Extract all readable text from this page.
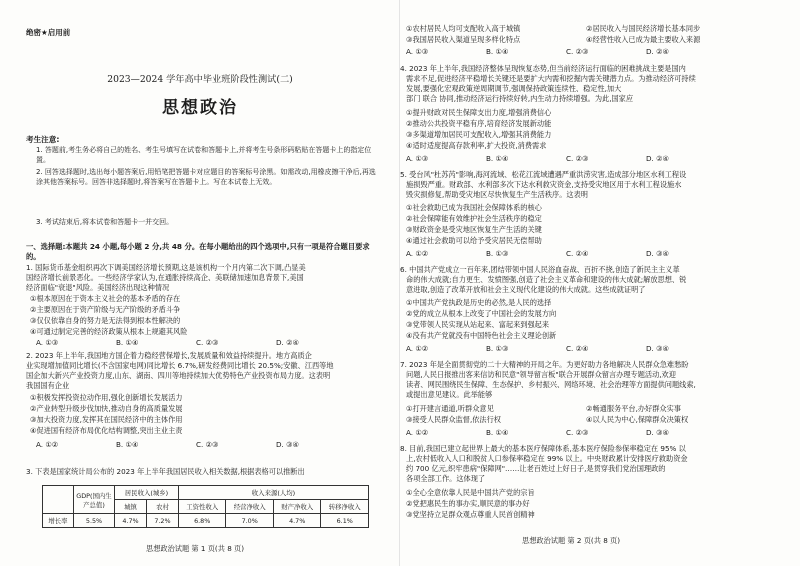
绝密★启用前
2023—2024 学年高中毕业班阶段性测试(二)
思想政治
考生注意:
1. 答题前,考生务必将自己的姓名、考生号填写在试卷和答题卡上,并将考生号条形码粘贴在答题卡上的指定位置。
2. 回答选择题时,选出每小题答案后,用铅笔把答题卡对应题目的答案标号涂黑。如需改动,用橡皮擦干净后,再选涂其他答案标号。回答非选择题时,将答案写在答题卡上。写在本试卷上无效。
3. 考试结束后,将本试卷和答题卡一并交回。
一、选择题:本题共 24 小题,每小题 2 分,共 48 分。在每小题给出的四个选项中,只有一项是符合题目要求的。
1. 国际货币基金组织再次下调美国经济增长预期,这是该机构一个月内第二次下调,凸显美
国经济增长前景恶化。一些经济学家认为,在通胀持续高企、美联储加速加息背景下,美国
经济面临"衰退"风险。美国经济出现这种情况
①根本原因在于资本主义社会的基本矛盾的存在
②主要原因在于资产阶级与无产阶级的矛盾斗争
③仅仅依靠自身的努力是无法得到根本性解决的
④可通过制定完善的经济政策从根本上规避其风险
A. ①③	B. ①④	C. ②③	D. ②④
2. 2023 年上半年,我国地方国企着力稳经营保增长,发展质量和效益持续提升。地方高质企
业实现增加值同比增长(不含国家电网)同比增长 6.7%,研发经费同比增长 20.5%;安徽、江西等地
国企加大新兴产业投资力度,山东、湖南、四川等地持续加大优势特色产业投资布局力度。这表明
我国国有企业
①积极发挥投资拉动作用,强化创新增长发展活力
②产业转型升级步伐加快,推动自身的高质量发展
③加大投资力度,发挥其在国民经济中的主体作用
④促进国有经济布局优化结构调整,突出主业主责
A. ①②	B. ①④	C. ②③	D. ③④
3. 下表是国家统计局公布的 2023 年上半年我国居民收入相关数据,根据表格可以推断出
	GDP(国内生产总值)	居民收入(城乡)		收入来源(人均)			
		城镇	农村	工资性收入	经营净收入	财产净收入	转移净收入
增长率	5.5%	4.7%	7.2%	6.8%	7.0%	4.7%	6.1%
思想政治试题 第 1 页(共 8 页)
①农村居民人均可支配收入高于城镇	②居民收入与国民经济增长基本同步
③我国居民收入渠道呈现多样化特点	④经营性收入已成为最主要收入来源
A. ①③	B. ①④	C. ②③	D. ②④
4. 2023 年上半年,我国经济整体呈现恢复态势,但当前经济运行面临的困难挑战主要是国内
需求不足,促进经济平稳增长关键还是要扩大内需和挖掘内需关键潜力点。为推动经济可持续
发展,要强化宏观政策逆周期调节,强调保持政策连续性、稳定性,加大
部门 联合 协同,推动经济运行持续好转,内生动力持续增强。为此,国家应
①提升财政对民生保障支出力度,增强消费信心
②推动公共投资平稳有序,培育经济发展新动能
③多渠道增加居民可支配收入,增强其消费能力
④适时适度提高存款利率,扩大投资,消费需求
A. ①③	B. ①④	C. ②③	D. ②④
5. 受台风"杜苏芮"影响,海河流域、松花江流域遭遇严重洪涝灾害,造成部分地区水利工程设
施损毁严重。财政部、水利部多次下达水利救灾资金,支持受灾地区用于水利工程设施水
毁灾损修复,帮助受灾地区尽快恢复生产生活秩序。这表明
①社会救助已成为我国社会保障体系的核心
②社会保障能有效维护社会生活秩序的稳定
③财政资金是受灾地区恢复生产生活的关键
④通过社会救助可以给予受灾居民无偿帮助
A. ①②	B. ①③	C. ②④	D. ③④
6. 中国共产党成立一百年来,团结带领中国人民浴血奋战、百折不挠,创造了新民主主义革
命的伟大成就;自力更生、发愤图强,创造了社会主义革命和建设的伟大成就;解放思想、锐
意进取,创造了改革开放和社会主义现代化建设的伟大成就。这些成就证明了
①中国共产党执政是历史的必然,是人民的选择
②党的成立从根本上改变了中国社会的发展方向
③党带领人民实现从站起来、富起来到强起来
④没有共产党就没有中国特色社会主义理论创新
A. ①②	B. ①③	C. ②④	D. ③④
7. 2023 年是全面贯彻党的二十大精神的开局之年。为更好助力各地解决人民群众急难愁盼
问题,人民日报推出客来信访和民意"领导留言板"联合开展群众留言办理专题活动,欢迎
读者、网民围绕民生保障、生态保护、乡村振兴、网络环境、社会治理等方面提供问题线索,
或提出意见建议。此举能够
①打开建言通道,听群众意见	②畅通服务平台,办好群众实事
③接受人民群众监督,依法行权	④以人民为中心,保障群众决策权
A. ①②	B. ①④	C. ②③	D. ③④
8. 目前,我国已建立起世界上最大的基本医疗保障体系,基本医疗保险参保率稳定在 95% 以
上,农村低收入人口和脱贫人口参保率稳定在 99% 以上。中央财政累计安排医疗救助资金
约 700 亿元,织牢患病"保障网"……让老百姓过上好日子,是贯穿我们党治国理政的
各项全部工作。这体现了
①全心全意依靠人民是中国共产党的宗旨
②党把惠民生的事办实,顺民意的事办好
③党坚持立足群众观点尊重人民首创精神
思想政治试题 第 2 页(共 8 页)
